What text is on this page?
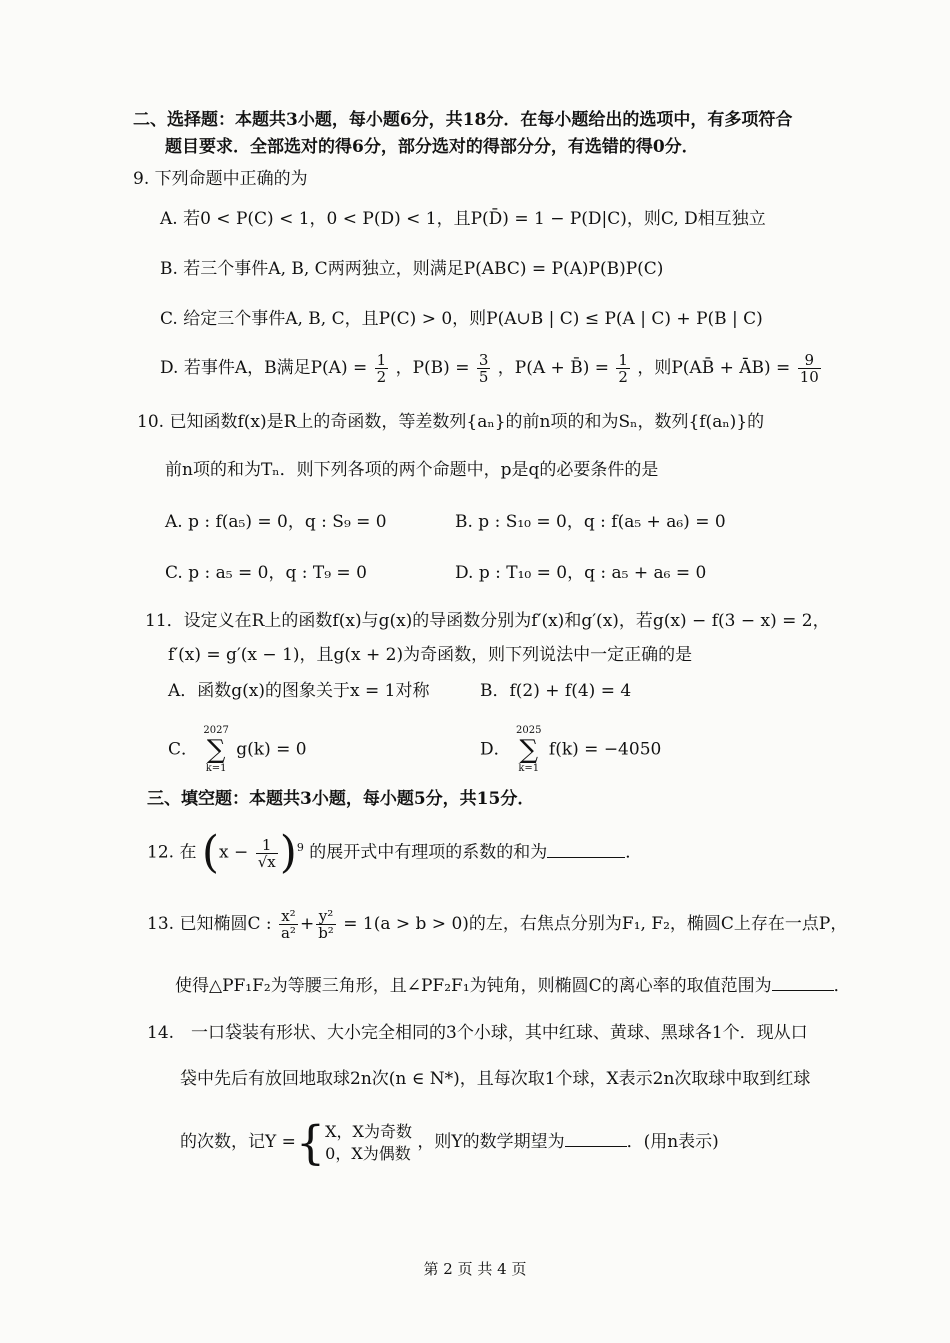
二、选择题：本题共3小题，每小题6分，共18分．在每小题给出的选项中，有多项符合
题目要求．全部选对的得6分，部分选对的得部分分，有选错的得0分．
9. 下列命题中正确的为
A. 若0 < P(C) < 1，0 < P(D) < 1，且P(D̄) = 1 − P(D|C)，则C, D相互独立
B. 若三个事件A, B, C两两独立，则满足P(ABC) = P(A)P(B)P(C)
C. 给定三个事件A, B, C，且P(C) > 0，则P(A∪B | C) ≤ P(A | C) + P(B | C)
D. 若事件A，B满足$P(A) = \frac{1}{2}$ ，$P(B) = \frac{3}{5}$ ，P(A + B̄) = $\frac{1}{2}$ ，则P(AB̄ + ĀB) = $\frac{9}{10}$
10. 已知函数f(x)是R上的奇函数，等差数列{aₙ}的前n项的和为Sₙ，数列{f(aₙ)}的
前n项的和为Tₙ．则下列各项的两个命题中，p是q的必要条件的是
A. p : f(a₅) = 0，q : S₉ = 0	B. p : S₁₀ = 0，q : f(a₅ + a₆) = 0
C. p : a₅ = 0，q : T₉ = 0	D. p : T₁₀ = 0，q : a₅ + a₆ = 0
11．设定义在R上的函数f(x)与g(x)的导函数分别为f′(x)和g′(x)，若g(x) − f(3 − x) = 2，
f′(x) = g′(x − 1)，且g(x + 2)为奇函数，则下列说法中一定正确的是
A．函数g(x)的图象关于x = 1对称	B．f(2) + f(4) = 4
C．
2027
∑
k=1
g(k) = 0	D．
2025
∑
k=1
f(k) = −4050
三、填空题：本题共3小题，每小题5分，共15分．
12. 在 $(x - \frac{1}{√x} )^9$ 的展开式中有理项的系数的和为	．
13. 已知椭圆C : $\frac{\text{x²}}{\text{a²}} + \frac{\text{y²}}{\text{b²}} = 1(a > b > 0)$的左，右焦点分别为F₁, F₂，椭圆C上存在一点P，
使得△PF₁F₂为等腰三角形，且∠PF₂F₁为钝角，则椭圆C的离心率的取值范围为	．
14.　一口袋装有形状、大小完全相同的3个小球，其中红球、黄球、黑球各1个．现从口
袋中先后有放回地取球2n次(n ∈ N*)，且每次取1个球，X表示2n次取球中取到红球
的次数，记Y ={ X，X为奇数
0，X为偶数
，则Y的数学期望为	．(用n表示)
第 2 页 共 4 页
